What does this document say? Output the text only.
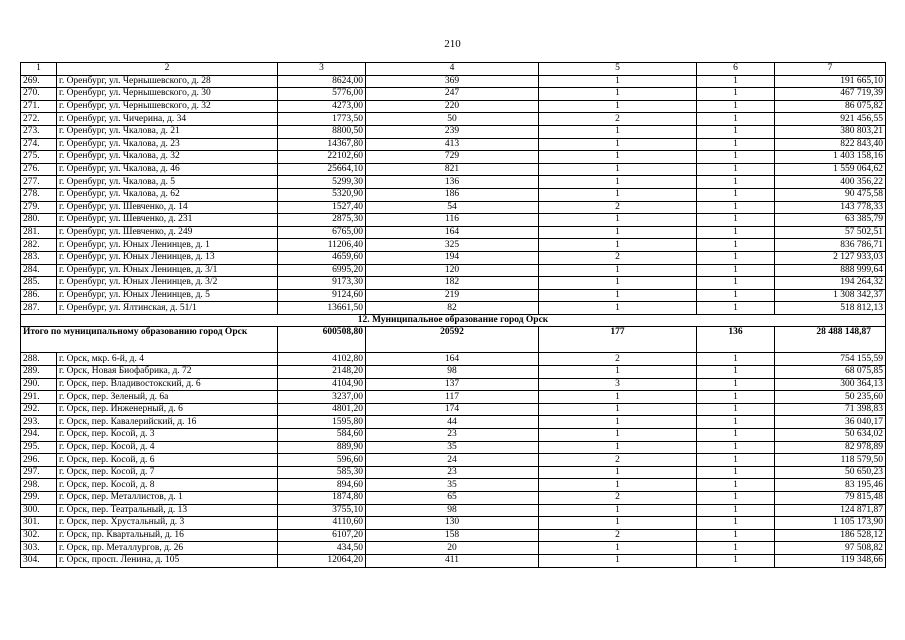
210
1	2	3	4	5	6	7
269.	г. Оренбург, ул. Чернышевского, д. 28	8624,00	369	1	1	191 665,10
270.	г. Оренбург, ул. Чернышевского, д. 30	5776,00	247	1	1	467 719,39
271.	г. Оренбург, ул. Чернышевского, д. 32	4273,00	220	1	1	86 075,82
272.	г. Оренбург, ул. Чичерина, д. 34	1773,50	50	2	1	921 456,55
273.	г. Оренбург, ул. Чкалова, д. 21	8800,50	239	1	1	380 803,21
274.	г. Оренбург, ул. Чкалова, д. 23	14367,80	413	1	1	822 843,40
275.	г. Оренбург, ул. Чкалова, д. 32	22102,60	729	1	1	1 403 158,16
276.	г. Оренбург, ул. Чкалова, д. 46	25664,10	821	1	1	1 559 064,62
277.	г. Оренбург, ул. Чкалова, д. 5	5299,30	136	1	1	400 356,22
278.	г. Оренбург, ул. Чкалова, д. 62	5320,90	186	1	1	90 475,58
279.	г. Оренбург, ул. Шевченко, д. 14	1527,40	54	2	1	143 778,33
280.	г. Оренбург, ул. Шевченко, д. 231	2875,30	116	1	1	63 385,79
281.	г. Оренбург, ул. Шевченко, д. 249	6765,00	164	1	1	57 502,51
282.	г. Оренбург, ул. Юных Ленинцев, д. 1	11206,40	325	1	1	836 786,71
283.	г. Оренбург, ул. Юных Ленинцев, д. 13	4659,60	194	2	1	2 127 933,03
284.	г. Оренбург, ул. Юных Ленинцев, д. 3/1	6995,20	120	1	1	888 999,64
285.	г. Оренбург, ул. Юных Ленинцев, д. 3/2	9173,30	182	1	1	194 264,32
286.	г. Оренбург, ул. Юных Ленинцев, д. 5	9124,60	219	1	1	1 308 342,37
287.	г. Оренбург, ул. Ялтинская, д. 51/1	13661,50	82	1	1	518 812,13
12. Муниципальное образование город Орск						
Итого по муниципальному образованию город Орск		600508,80	20592	177	136	28 488 148,87
288.	г. Орск, мкр. 6-й, д. 4	4102,80	164	2	1	754 155,59
289.	г. Орск, Новая Биофабрика, д. 72	2148,20	98	1	1	68 075,85
290.	г. Орск, пер. Владивостокский, д. 6	4104,90	137	3	1	300 364,13
291.	г. Орск, пер. Зеленый, д. 6а	3237,00	117	1	1	50 235,60
292.	г. Орск, пер. Инженерный, д. 6	4801,20	174	1	1	71 398,83
293.	г. Орск, пер. Кавалерийский, д. 16	1595,80	44	1	1	36 040,17
294.	г. Орск, пер. Косой, д. 3	584,60	23	1	1	50 634,02
295.	г. Орск, пер. Косой, д. 4	889,90	35	1	1	82 978,89
296.	г. Орск, пер. Косой, д. 6	596,60	24	2	1	118 579,50
297.	г. Орск, пер. Косой, д. 7	585,30	23	1	1	50 650,23
298.	г. Орск, пер. Косой, д. 8	894,60	35	1	1	83 195,46
299.	г. Орск, пер. Металлистов, д. 1	1874,80	65	2	1	79 815,48
300.	г. Орск, пер. Театральный, д. 13	3755,10	98	1	1	124 871,87
301.	г. Орск, пер. Хрустальный, д. 3	4110,60	130	1	1	1 105 173,90
302.	г. Орск, пр. Квартальный, д. 16	6107,20	158	2	1	186 528,12
303.	г. Орск, пр. Металлургов, д. 26	434,50	20	1	1	97 508,82
304.	г. Орск, просп. Ленина, д. 105	12064,20	411	1	1	119 348,66
